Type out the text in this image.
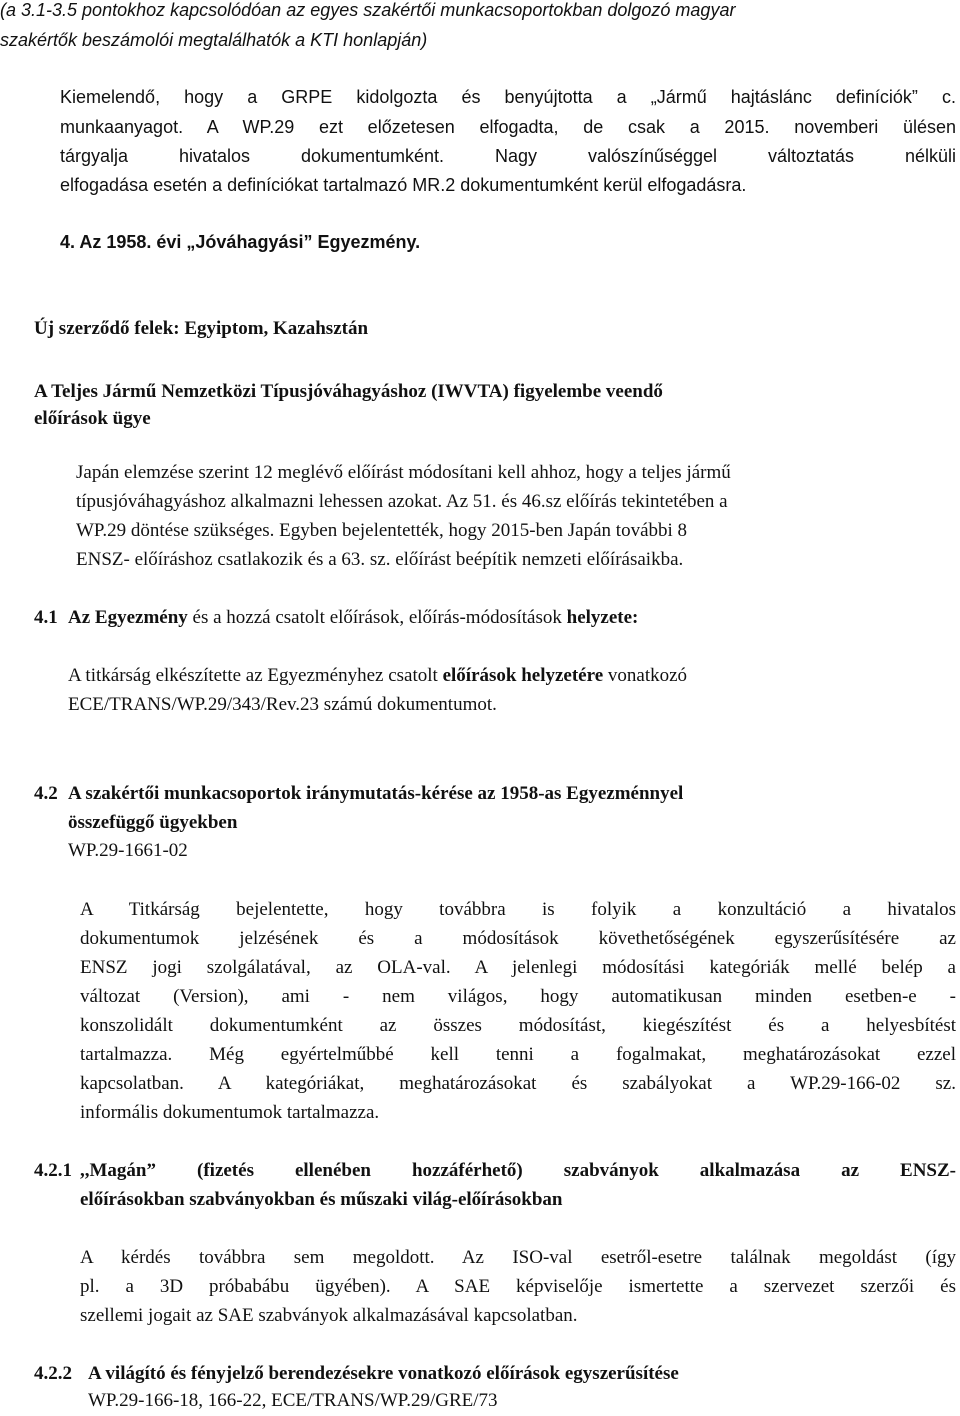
(a 3.1-3.5 pontokhoz kapcsolódóan az egyes szakértői munkacsoportokban dolgozó magyar
szakértők beszámolói megtalálhatók a KTI honlapján)
Kiemelendő, hogy a GRPE kidolgozta és benyújtotta a „Jármű hajtáslánc definíciók” c.
munkaanyagot. A WP.29 ezt előzetesen elfogadta, de csak a 2015. novemberi ülésen
tárgyalja hivatalos dokumentumként. Nagy valószínűséggel változtatás nélküli
elfogadása esetén a definíciókat tartalmazó MR.2 dokumentumként kerül elfogadásra.
4. Az 1958. évi „Jóváhagyási” Egyezmény.
Új szerződő felek: Egyiptom, Kazahsztán
A Teljes Jármű Nemzetközi Típusjóváhagyáshoz (IWVTA) figyelembe veendő
előírások ügye
Japán elemzése szerint 12 meglévő előírást módosítani kell ahhoz, hogy a teljes jármű
típusjóváhagyáshoz alkalmazni lehessen azokat. Az 51. és 46.sz előírás tekintetében a
WP.29 döntése szükséges. Egyben bejelentették, hogy 2015-ben Japán további 8
ENSZ- előíráshoz csatlakozik és a 63. sz. előírást beépítik nemzeti előírásaikba.
4.1 Az Egyezmény és a hozzá csatolt előírások, előírás-módosítások helyzete:
A titkárság elkészítette az Egyezményhez csatolt előírások helyzetére vonatkozó
ECE/TRANS/WP.29/343/Rev.23 számú dokumentumot.
4.2 A szakértői munkacsoportok iránymutatás-kérése az 1958-as Egyezménnyel
összefüggő ügyekben
WP.29-1661-02
A Titkárság bejelentette, hogy továbbra is folyik a konzultáció a hivatalos
dokumentumok jelzésének és a módosítások követhetőségének egyszerűsítésére az
ENSZ jogi szolgálatával, az OLA-val. A jelenlegi módosítási kategóriák mellé belép a
változat (Version), ami - nem világos, hogy automatikusan minden esetben-e -
konszolidált dokumentumként az összes módosítást, kiegészítést és a helyesbítést
tartalmazza. Még egyértelműbbé kell tenni a fogalmakat, meghatározásokat ezzel
kapcsolatban. A kategóriákat, meghatározásokat és szabályokat a WP.29-166-02 sz.
informális dokumentumok tartalmazza.
4.2.1 ,,Magán” (fizetés ellenében hozzáférhető) szabványok alkalmazása az ENSZ-
előírásokban szabványokban és műszaki világ-előírásokban
A kérdés továbbra sem megoldott. Az ISO-val esetről-esetre találnak megoldást (így
pl. a 3D próbabábu ügyében). A SAE képviselője ismertette a szervezet szerzői és
szellemi jogait az SAE szabványok alkalmazásával kapcsolatban.
4.2.2 A világító és fényjelző berendezésekre vonatkozó előírások egyszerűsítése
WP.29-166-18, 166-22, ECE/TRANS/WP.29/GRE/73
